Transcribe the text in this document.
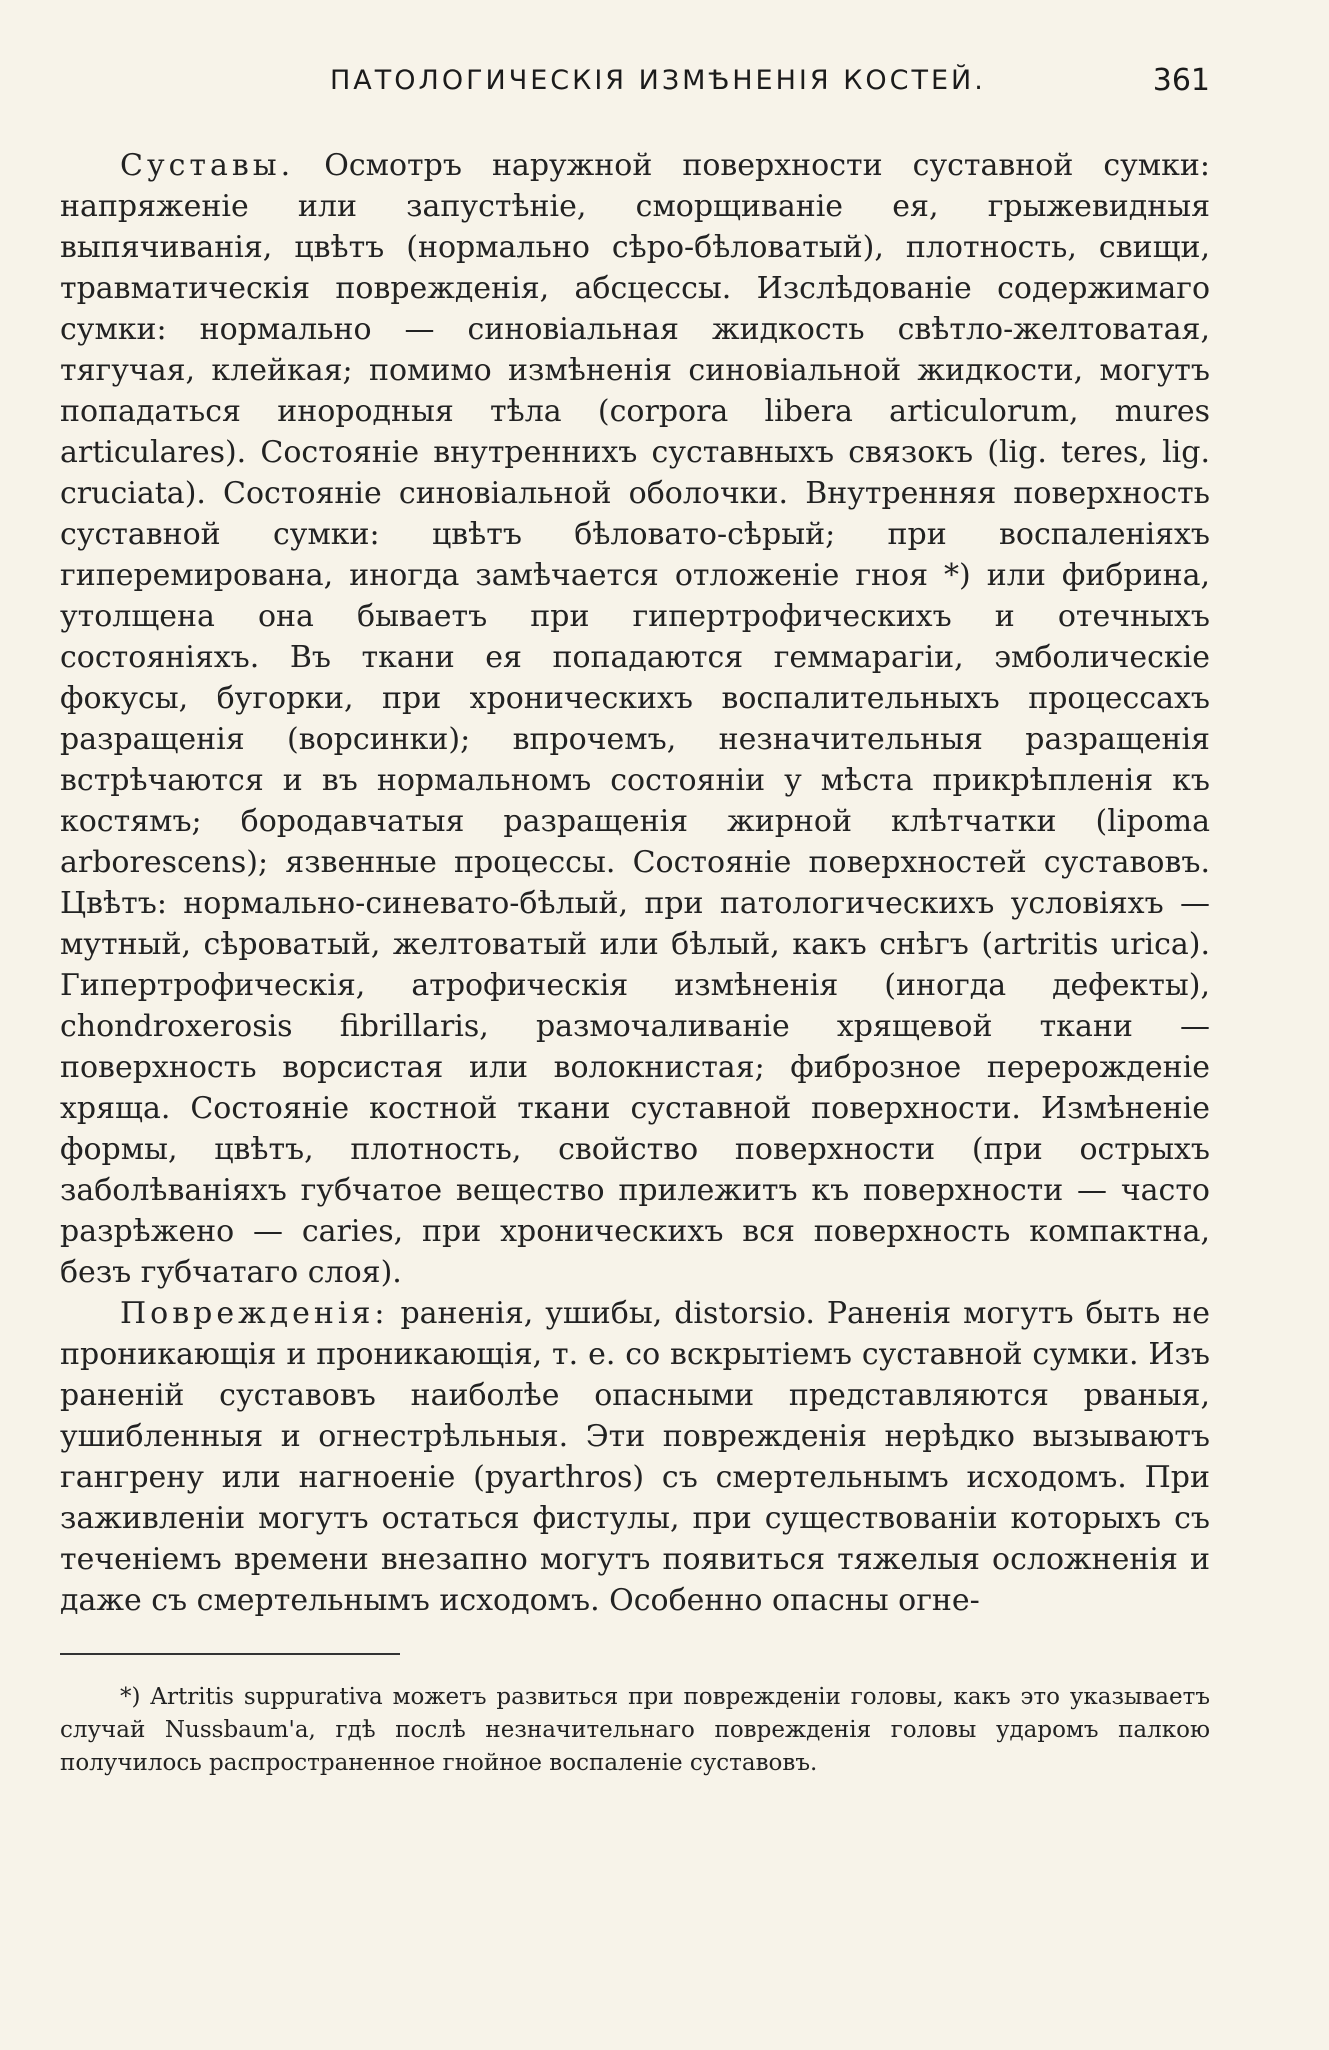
ПАТОЛОГИЧЕСКІЯ ИЗМѢНЕНІЯ КОСТЕЙ.	361

Суставы. Осмотръ наружной поверхности суставной сумки: напряженіе или запустѣніе, сморщиваніе ея, грыжевидныя выпячиванія, цвѣтъ (нормально сѣро-бѣловатый), плотность, свищи, травматическія поврежденія, абсцессы. Изслѣдованіе содержимаго сумки: нормально — синовіальная жидкость свѣтло-желтоватая, тягучая, клейкая; помимо измѣненія синовіальной жидкости, могутъ попадаться инородныя тѣла (corpora libera articulorum, mures articulares). Состояніе внутреннихъ суставныхъ связокъ (lig. teres, lig. cruciata). Состояніе синовіальной оболочки. Внутренняя поверхность суставной сумки: цвѣтъ бѣловато-сѣрый; при воспаленіяхъ гиперемирована, иногда замѣчается отложеніе гноя *) или фибрина, утолщена она бываетъ при гипертрофическихъ и отечныхъ состояніяхъ. Въ ткани ея попадаются геммарагіи, эмболическіе фокусы, бугорки, при хроническихъ воспалительныхъ процессахъ разращенія (ворсинки); впрочемъ, незначительныя разращенія встрѣчаются и въ нормальномъ состояніи у мѣста прикрѣпленія къ костямъ; бородавчатыя разращенія жирной клѣтчатки (lipoma arborescens); язвенные процессы. Состояніе поверхностей суставовъ. Цвѣтъ: нормально-синевато-бѣлый, при патологическихъ условіяхъ — мутный, сѣроватый, желтоватый или бѣлый, какъ снѣгъ (artritis urica). Гипертрофическія, атрофическія измѣненія (иногда дефекты), chondroxerosis fibrillaris, размочаливаніе хрящевой ткани — поверхность ворсистая или волокнистая; фиброзное перерожденіе хряща. Состояніе костной ткани суставной поверхности. Измѣненіе формы, цвѣтъ, плотность, свойство поверхности (при острыхъ заболѣваніяхъ губчатое вещество прилежитъ къ поверхности — часто разрѣжено — caries, при хроническихъ вся поверхность компактна, безъ губчатаго слоя).

Поврежденія: раненія, ушибы, distorsio. Раненія могутъ быть не проникающія и проникающія, т. е. со вскрытіемъ суставной сумки. Изъ раненій суставовъ наиболѣе опасными представляются рваныя, ушибленныя и огнестрѣльныя. Эти поврежденія нерѣдко вызываютъ гангрену или нагноеніе (pyarthros) съ смертельнымъ исходомъ. При заживленіи могутъ остаться фистулы, при существованіи которыхъ съ теченіемъ времени внезапно могутъ появиться тяжелыя осложненія и даже съ смертельнымъ исходомъ. Особенно опасны огне-

*) Artritis suppurativa можетъ развиться при поврежденіи головы, какъ это указываетъ случай Nussbaum'a, гдѣ послѣ незначительнаго поврежденія головы ударомъ палкою получилось распространенное гнойное воспаленіе суставовъ.
